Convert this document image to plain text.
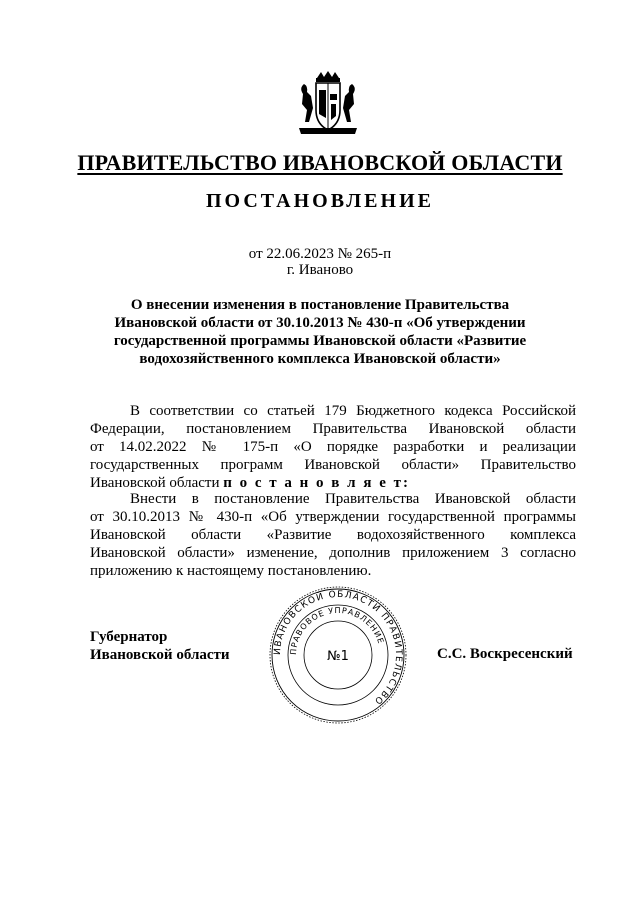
ПРАВИТЕЛЬСТВО ИВАНОВСКОЙ ОБЛАСТИ
ПОСТАНОВЛЕНИЕ
от 22.06.2023 № 265-п
г. Иваново
О внесении изменения в постановление Правительства
Ивановской области от 30.10.2013 № 430-п «Об утверждении
государственной программы Ивановской области «Развитие
водохозяйственного комплекса Ивановской области»
В соответствии со статьей 179 Бюджетного кодекса Российской
Федерации, постановлением Правительства Ивановской области
от 14.02.2022 № 175-п «О порядке разработки и реализации
государственных программ Ивановской области» Правительство
Ивановской области п о с т а н о в л я е т:
Внести в постановление Правительства Ивановской области
от 30.10.2013 № 430-п «Об утверждении государственной программы
Ивановской области «Развитие водохозяйственного комплекса
Ивановской области» изменение, дополнив приложением 3 согласно
приложению к настоящему постановлению.
Губернатор
Ивановской области	С.С. Воскресенский
ИВАНОВСКОЙ ОБЛАСТИ ПРАВИТЕЛЬСТВО
ПРАВОВОЕ УПРАВЛЕНИЕ
№1
